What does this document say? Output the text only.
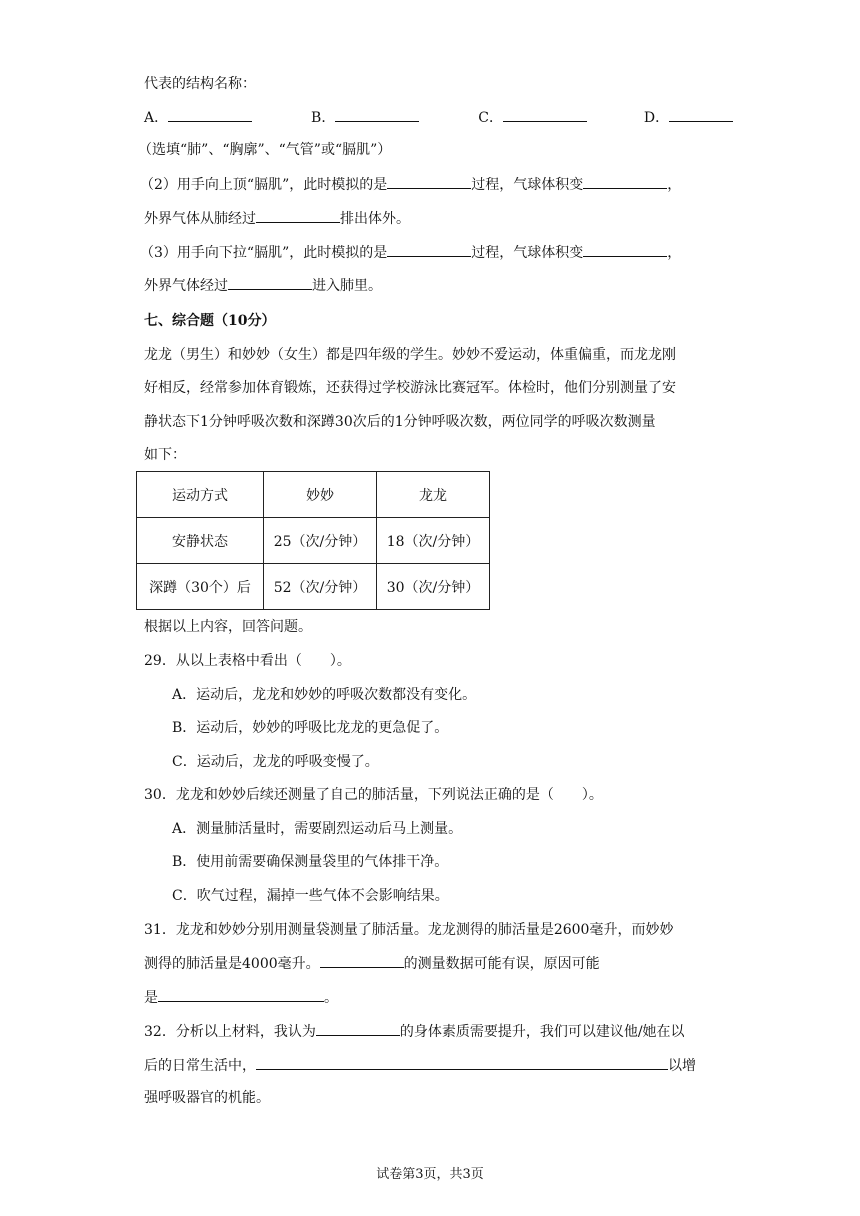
代表的结构名称：
A．	B．	C．	D．
（选填“肺”、“胸廓”、“气管”或“膈肌”）
（2）用手向上顶“膈肌”，此时模拟的是	过程，气球体积变	，
外界气体从肺经过	排出体外。
（3）用手向下拉“膈肌”，此时模拟的是	过程，气球体积变	，
外界气体经过	进入肺里。
七、综合题（10分）
龙龙（男生）和妙妙（女生）都是四年级的学生。妙妙不爱运动，体重偏重，而龙龙刚
好相反，经常参加体育锻炼，还获得过学校游泳比赛冠军。体检时，他们分别测量了安
静状态下1分钟呼吸次数和深蹲30次后的1分钟呼吸次数，两位同学的呼吸次数测量
如下：
运动方式	妙妙	龙龙
安静状态	25（次/分钟）	18（次/分钟）
深蹲（30个）后	52（次/分钟）	30（次/分钟）
根据以上内容，回答问题。
29．从以上表格中看出（　　）。
A．运动后，龙龙和妙妙的呼吸次数都没有变化。
B．运动后，妙妙的呼吸比龙龙的更急促了。
C．运动后，龙龙的呼吸变慢了。
30．龙龙和妙妙后续还测量了自己的肺活量，下列说法正确的是（　　）。
A．测量肺活量时，需要剧烈运动后马上测量。
B．使用前需要确保测量袋里的气体排干净。
C．吹气过程，漏掉一些气体不会影响结果。
31．龙龙和妙妙分别用测量袋测量了肺活量。龙龙测得的肺活量是2600毫升，而妙妙
测得的肺活量是4000毫升。	的测量数据可能有误，原因可能
是	。
32．分析以上材料，我认为	的身体素质需要提升，我们可以建议他/她在以
后的日常生活中，	以增
强呼吸器官的机能。
试卷第3页，共3页
